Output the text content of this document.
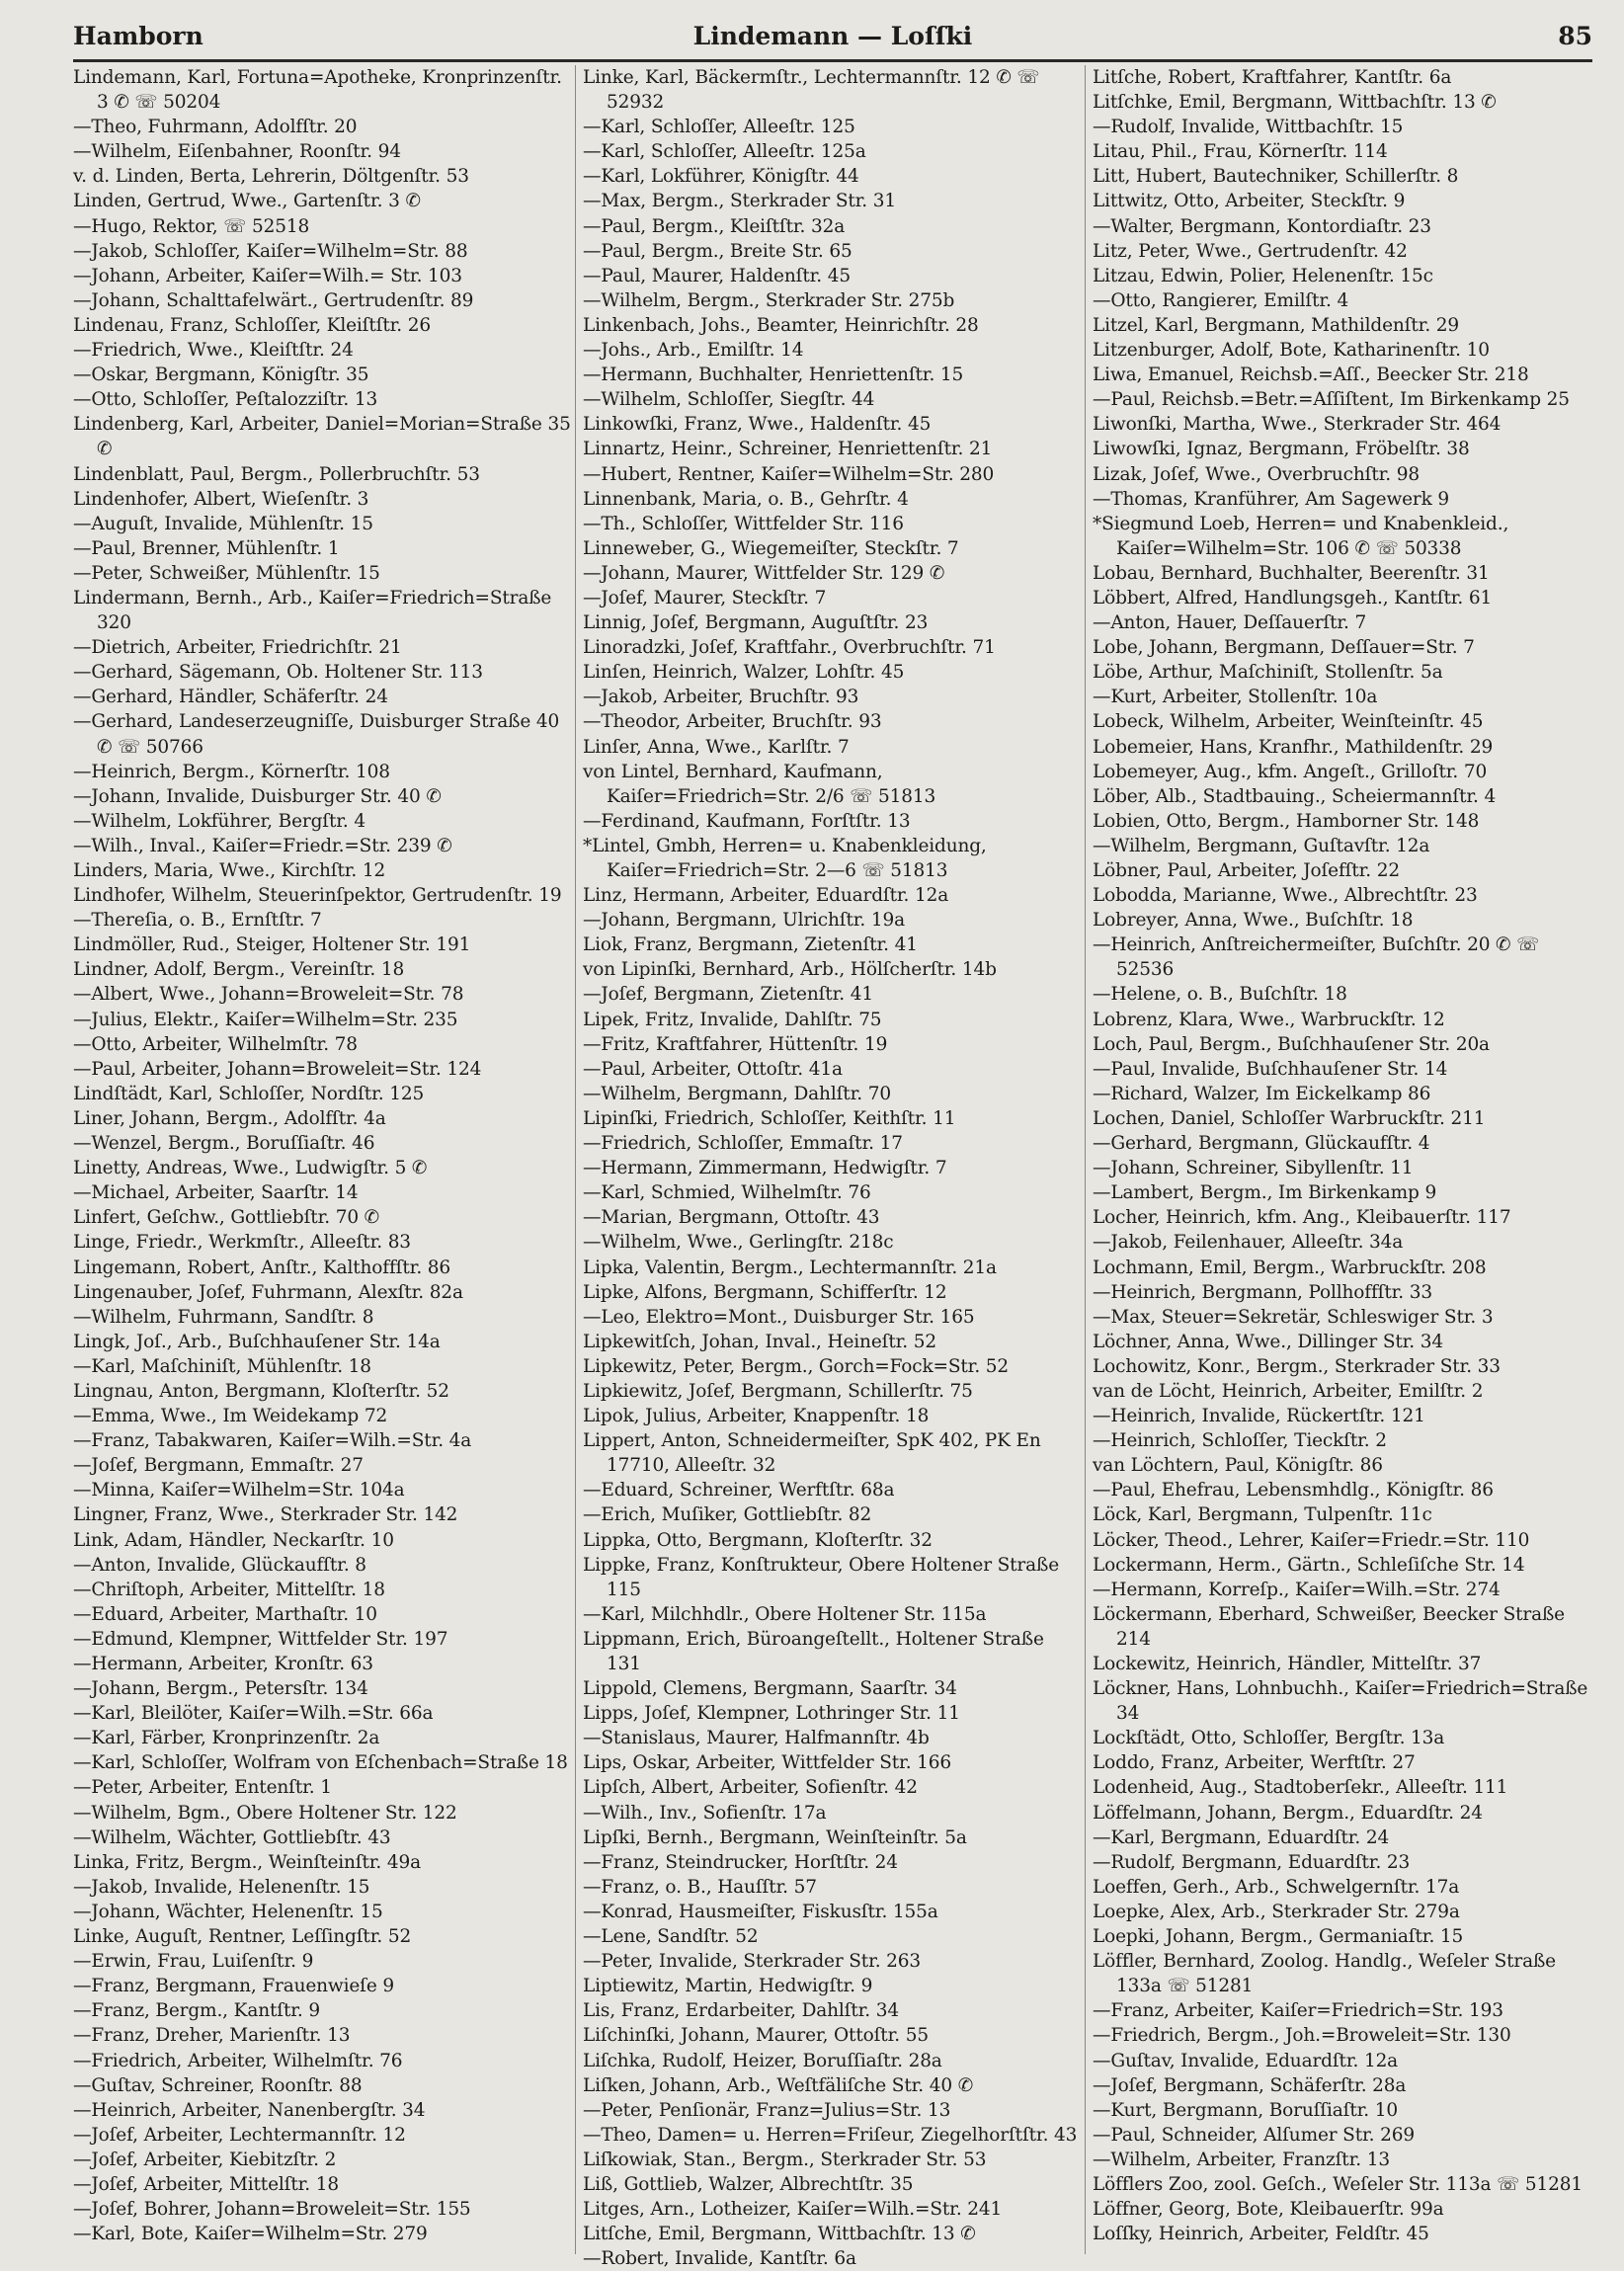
Hamborn	Lindemann — Loſſki	85

Lindemann, Karl, Fortuna=Apotheke, Kronprinzenſtr. 3 ✆ ☏ 50204

—Theo, Fuhrmann, Adolfſtr. 20

—Wilhelm, Eiſenbahner, Roonſtr. 94

v. d. Linden, Berta, Lehrerin, Döltgenſtr. 53

Linden, Gertrud, Wwe., Gartenſtr. 3 ✆

—Hugo, Rektor, ☏ 52518

—Jakob, Schloſſer, Kaiſer=Wilhelm=Str. 88

—Johann, Arbeiter, Kaiſer=Wilh.= Str. 103

—Johann, Schalttafelwärt., Gertrudenſtr. 89

Lindenau, Franz, Schloſſer, Kleiſtſtr. 26

—Friedrich, Wwe., Kleiſtſtr. 24

—Oskar, Bergmann, Königſtr. 35

—Otto, Schloſſer, Peſtalozziſtr. 13

Lindenberg, Karl, Arbeiter, Daniel=Morian=Straße 35 ✆

Lindenblatt, Paul, Bergm., Pollerbruchſtr. 53

Lindenhofer, Albert, Wieſenſtr. 3

—Auguſt, Invalide, Mühlenſtr. 15

—Paul, Brenner, Mühlenſtr. 1

—Peter, Schweißer, Mühlenſtr. 15

Lindermann, Bernh., Arb., Kaiſer=Friedrich=Straße 320

—Dietrich, Arbeiter, Friedrichſtr. 21

—Gerhard, Sägemann, Ob. Holtener Str. 113

—Gerhard, Händler, Schäferſtr. 24

—Gerhard, Landeserzeugniſſe, Duisburger Straße 40 ✆ ☏ 50766

—Heinrich, Bergm., Körnerſtr. 108

—Johann, Invalide, Duisburger Str. 40 ✆

—Wilhelm, Lokführer, Bergſtr. 4

—Wilh., Inval., Kaiſer=Friedr.=Str. 239 ✆

Linders, Maria, Wwe., Kirchſtr. 12

Lindhofer, Wilhelm, Steuerinſpektor, Gertrudenſtr. 19

—Thereſia, o. B., Ernſtſtr. 7

Lindmöller, Rud., Steiger, Holtener Str. 191

Lindner, Adolf, Bergm., Vereinſtr. 18

—Albert, Wwe., Johann=Broweleit=Str. 78

—Julius, Elektr., Kaiſer=Wilhelm=Str. 235

—Otto, Arbeiter, Wilhelmſtr. 78

—Paul, Arbeiter, Johann=Broweleit=Str. 124

Lindſtädt, Karl, Schloſſer, Nordſtr. 125

Liner, Johann, Bergm., Adolfſtr. 4a

—Wenzel, Bergm., Boruſſiaſtr. 46

Linetty, Andreas, Wwe., Ludwigſtr. 5 ✆

—Michael, Arbeiter, Saarſtr. 14

Linfert, Geſchw., Gottliebſtr. 70 ✆

Linge, Friedr., Werkmſtr., Alleeſtr. 83

Lingemann, Robert, Anſtr., Kalthoffſtr. 86

Lingenauber, Joſef, Fuhrmann, Alexſtr. 82a

—Wilhelm, Fuhrmann, Sandſtr. 8

Lingk, Joſ., Arb., Buſchhauſener Str. 14a

—Karl, Maſchiniſt, Mühlenſtr. 18

Lingnau, Anton, Bergmann, Kloſterſtr. 52

—Emma, Wwe., Im Weidekamp 72

—Franz, Tabakwaren, Kaiſer=Wilh.=Str. 4a

—Joſef, Bergmann, Emmaſtr. 27

—Minna, Kaiſer=Wilhelm=Str. 104a

Lingner, Franz, Wwe., Sterkrader Str. 142

Link, Adam, Händler, Neckarſtr. 10

—Anton, Invalide, Glückaufſtr. 8

—Chriſtoph, Arbeiter, Mittelſtr. 18

—Eduard, Arbeiter, Marthaſtr. 10

—Edmund, Klempner, Wittfelder Str. 197

—Hermann, Arbeiter, Kronſtr. 63

—Johann, Bergm., Petersſtr. 134

—Karl, Bleilöter, Kaiſer=Wilh.=Str. 66a

—Karl, Färber, Kronprinzenſtr. 2a

—Karl, Schloſſer, Wolfram von Eſchenbach=Straße 18

—Peter, Arbeiter, Entenſtr. 1

—Wilhelm, Bgm., Obere Holtener Str. 122

—Wilhelm, Wächter, Gottliebſtr. 43

Linka, Fritz, Bergm., Weinſteinſtr. 49a

—Jakob, Invalide, Helenenſtr. 15

—Johann, Wächter, Helenenſtr. 15

Linke, Auguſt, Rentner, Leſſingſtr. 52

—Erwin, Frau, Luiſenſtr. 9

—Franz, Bergmann, Frauenwieſe 9

—Franz, Bergm., Kantſtr. 9

—Franz, Dreher, Marienſtr. 13

—Friedrich, Arbeiter, Wilhelmſtr. 76

—Guſtav, Schreiner, Roonſtr. 88

—Heinrich, Arbeiter, Nanenbergſtr. 34

—Joſef, Arbeiter, Lechtermannſtr. 12

—Joſef, Arbeiter, Kiebitzſtr. 2

—Joſef, Arbeiter, Mittelſtr. 18

—Joſef, Bohrer, Johann=Broweleit=Str. 155

—Karl, Bote, Kaiſer=Wilhelm=Str. 279

Linke, Karl, Bäckermſtr., Lechtermannſtr. 12 ✆ ☏ 52932

—Karl, Schloſſer, Alleeſtr. 125

—Karl, Schloſſer, Alleeſtr. 125a

—Karl, Lokführer, Königſtr. 44

—Max, Bergm., Sterkrader Str. 31

—Paul, Bergm., Kleiſtſtr. 32a

—Paul, Bergm., Breite Str. 65

—Paul, Maurer, Haldenſtr. 45

—Wilhelm, Bergm., Sterkrader Str. 275b

Linkenbach, Johs., Beamter, Heinrichſtr. 28

—Johs., Arb., Emilſtr. 14

—Hermann, Buchhalter, Henriettenſtr. 15

—Wilhelm, Schloſſer, Siegſtr. 44

Linkowſki, Franz, Wwe., Haldenſtr. 45

Linnartz, Heinr., Schreiner, Henriettenſtr. 21

—Hubert, Rentner, Kaiſer=Wilhelm=Str. 280

Linnenbank, Maria, o. B., Gehrſtr. 4

—Th., Schloſſer, Wittfelder Str. 116

Linneweber, G., Wiegemeiſter, Steckſtr. 7

—Johann, Maurer, Wittfelder Str. 129 ✆

—Joſef, Maurer, Steckſtr. 7

Linnig, Joſef, Bergmann, Auguſtſtr. 23

Linoradzki, Joſef, Kraftfahr., Overbruchſtr. 71

Linſen, Heinrich, Walzer, Lohſtr. 45

—Jakob, Arbeiter, Bruchſtr. 93

—Theodor, Arbeiter, Bruchſtr. 93

Linſer, Anna, Wwe., Karlſtr. 7

von Lintel, Bernhard, Kaufmann, Kaiſer=Friedrich=Str. 2/6 ☏ 51813

—Ferdinand, Kaufmann, Forſtſtr. 13

*Lintel, Gmbh, Herren= u. Knabenkleidung, Kaiſer=Friedrich=Str. 2—6 ☏ 51813

Linz, Hermann, Arbeiter, Eduardſtr. 12a

—Johann, Bergmann, Ulrichſtr. 19a

Liok, Franz, Bergmann, Zietenſtr. 41

von Lipinſki, Bernhard, Arb., Hölſcherſtr. 14b

—Joſef, Bergmann, Zietenſtr. 41

Lipek, Fritz, Invalide, Dahlſtr. 75

—Fritz, Kraftfahrer, Hüttenſtr. 19

—Paul, Arbeiter, Ottoſtr. 41a

—Wilhelm, Bergmann, Dahlſtr. 70

Lipinſki, Friedrich, Schloſſer, Keithſtr. 11

—Friedrich, Schloſſer, Emmaſtr. 17

—Hermann, Zimmermann, Hedwigſtr. 7

—Karl, Schmied, Wilhelmſtr. 76

—Marian, Bergmann, Ottoſtr. 43

—Wilhelm, Wwe., Gerlingſtr. 218c

Lipka, Valentin, Bergm., Lechtermannſtr. 21a

Lipke, Alfons, Bergmann, Schifferſtr. 12

—Leo, Elektro=Mont., Duisburger Str. 165

Lipkewitſch, Johan, Inval., Heineſtr. 52

Lipkewitz, Peter, Bergm., Gorch=Fock=Str. 52

Lipkiewitz, Joſef, Bergmann, Schillerſtr. 75

Lipok, Julius, Arbeiter, Knappenſtr. 18

Lippert, Anton, Schneidermeiſter, SpK 402, PK En 17710, Alleeſtr. 32

—Eduard, Schreiner, Werftſtr. 68a

—Erich, Muſiker, Gottliebſtr. 82

Lippka, Otto, Bergmann, Kloſterſtr. 32

Lippke, Franz, Konſtrukteur, Obere Holtener Straße 115

—Karl, Milchhdlr., Obere Holtener Str. 115a

Lippmann, Erich, Büroangeſtellt., Holtener Straße 131

Lippold, Clemens, Bergmann, Saarſtr. 34

Lipps, Joſef, Klempner, Lothringer Str. 11

—Stanislaus, Maurer, Halfmannſtr. 4b

Lips, Oskar, Arbeiter, Wittfelder Str. 166

Lipſch, Albert, Arbeiter, Sofienſtr. 42

—Wilh., Inv., Sofienſtr. 17a

Lipſki, Bernh., Bergmann, Weinſteinſtr. 5a

—Franz, Steindrucker, Horſtſtr. 24

—Franz, o. B., Hauſſtr. 57

—Konrad, Hausmeiſter, Fiskusſtr. 155a

—Lene, Sandſtr. 52

—Peter, Invalide, Sterkrader Str. 263

Liptiewitz, Martin, Hedwigſtr. 9

Lis, Franz, Erdarbeiter, Dahlſtr. 34

Liſchinſki, Johann, Maurer, Ottoſtr. 55

Liſchka, Rudolf, Heizer, Boruſſiaſtr. 28a

Liſken, Johann, Arb., Weſtfäliſche Str. 40 ✆

—Peter, Penſionär, Franz=Julius=Str. 13

—Theo, Damen= u. Herren=Friſeur, Ziegelhorſtſtr. 43

Liſkowiak, Stan., Bergm., Sterkrader Str. 53

Liß, Gottlieb, Walzer, Albrechtſtr. 35

Litges, Arn., Lotheizer, Kaiſer=Wilh.=Str. 241

Litſche, Emil, Bergmann, Wittbachſtr. 13 ✆

—Robert, Invalide, Kantſtr. 6a

Litſche, Robert, Kraftfahrer, Kantſtr. 6a

Litſchke, Emil, Bergmann, Wittbachſtr. 13 ✆

—Rudolf, Invalide, Wittbachſtr. 15

Litau, Phil., Frau, Körnerſtr. 114

Litt, Hubert, Bautechniker, Schillerſtr. 8

Littwitz, Otto, Arbeiter, Steckſtr. 9

—Walter, Bergmann, Kontordiaſtr. 23

Litz, Peter, Wwe., Gertrudenſtr. 42

Litzau, Edwin, Polier, Helenenſtr. 15c

—Otto, Rangierer, Emilſtr. 4

Litzel, Karl, Bergmann, Mathildenſtr. 29

Litzenburger, Adolf, Bote, Katharinenſtr. 10

Liwa, Emanuel, Reichsb.=Aſſ., Beecker Str. 218

—Paul, Reichsb.=Betr.=Aſſiſtent, Im Birkenkamp 25

Liwonſki, Martha, Wwe., Sterkrader Str. 464

Liwowſki, Ignaz, Bergmann, Fröbelſtr. 38

Lizak, Joſef, Wwe., Overbruchſtr. 98

—Thomas, Kranführer, Am Sagewerk 9

*Siegmund Loeb, Herren= und Knabenkleid., Kaiſer=Wilhelm=Str. 106 ✆ ☏ 50338

Lobau, Bernhard, Buchhalter, Beerenſtr. 31

Löbbert, Alfred, Handlungsgeh., Kantſtr. 61

—Anton, Hauer, Deſſauerſtr. 7

Lobe, Johann, Bergmann, Deſſauer=Str. 7

Löbe, Arthur, Maſchiniſt, Stollenſtr. 5a

—Kurt, Arbeiter, Stollenſtr. 10a

Lobeck, Wilhelm, Arbeiter, Weinſteinſtr. 45

Lobemeier, Hans, Kranfhr., Mathildenſtr. 29

Lobemeyer, Aug., kfm. Angeſt., Grilloſtr. 70

Löber, Alb., Stadtbauing., Scheiermannſtr. 4

Lobien, Otto, Bergm., Hamborner Str. 148

—Wilhelm, Bergmann, Guſtavſtr. 12a

Löbner, Paul, Arbeiter, Joſefſtr. 22

Lobodda, Marianne, Wwe., Albrechtſtr. 23

Lobreyer, Anna, Wwe., Buſchſtr. 18

—Heinrich, Anſtreichermeiſter, Buſchſtr. 20 ✆ ☏ 52536

—Helene, o. B., Buſchſtr. 18

Lobrenz, Klara, Wwe., Warbruckſtr. 12

Loch, Paul, Bergm., Buſchhauſener Str. 20a

—Paul, Invalide, Buſchhauſener Str. 14

—Richard, Walzer, Im Eickelkamp 86

Lochen, Daniel, Schloſſer Warbruckſtr. 211

—Gerhard, Bergmann, Glückaufſtr. 4

—Johann, Schreiner, Sibyllenſtr. 11

—Lambert, Bergm., Im Birkenkamp 9

Locher, Heinrich, kfm. Ang., Kleibauerſtr. 117

—Jakob, Feilenhauer, Alleeſtr. 34a

Lochmann, Emil, Bergm., Warbruckſtr. 208

—Heinrich, Bergmann, Pollhoffſtr. 33

—Max, Steuer=Sekretär, Schleswiger Str. 3

Löchner, Anna, Wwe., Dillinger Str. 34

Lochowitz, Konr., Bergm., Sterkrader Str. 33

van de Löcht, Heinrich, Arbeiter, Emilſtr. 2

—Heinrich, Invalide, Rückertſtr. 121

—Heinrich, Schloſſer, Tieckſtr. 2

van Löchtern, Paul, Königſtr. 86

—Paul, Ehefrau, Lebensmhdlg., Königſtr. 86

Löck, Karl, Bergmann, Tulpenſtr. 11c

Löcker, Theod., Lehrer, Kaiſer=Friedr.=Str. 110

Lockermann, Herm., Gärtn., Schleſiſche Str. 14

—Hermann, Korreſp., Kaiſer=Wilh.=Str. 274

Löckermann, Eberhard, Schweißer, Beecker Straße 214

Lockewitz, Heinrich, Händler, Mittelſtr. 37

Löckner, Hans, Lohnbuchh., Kaiſer=Friedrich=Straße 34

Lockſtädt, Otto, Schloſſer, Bergſtr. 13a

Loddo, Franz, Arbeiter, Werftſtr. 27

Lodenheid, Aug., Stadtoberſekr., Alleeſtr. 111

Löffelmann, Johann, Bergm., Eduardſtr. 24

—Karl, Bergmann, Eduardſtr. 24

—Rudolf, Bergmann, Eduardſtr. 23

Loeffen, Gerh., Arb., Schwelgernſtr. 17a

Loepke, Alex, Arb., Sterkrader Str. 279a

Loepki, Johann, Bergm., Germaniaſtr. 15

Löffler, Bernhard, Zoolog. Handlg., Weſeler Straße 133a ☏ 51281

—Franz, Arbeiter, Kaiſer=Friedrich=Str. 193

—Friedrich, Bergm., Joh.=Broweleit=Str. 130

—Guſtav, Invalide, Eduardſtr. 12a

—Joſef, Bergmann, Schäferſtr. 28a

—Kurt, Bergmann, Boruſſiaſtr. 10

—Paul, Schneider, Alſumer Str. 269

—Wilhelm, Arbeiter, Franzſtr. 13

Löfflers Zoo, zool. Geſch., Weſeler Str. 113a ☏ 51281

Löffner, Georg, Bote, Kleibauerſtr. 99a

Loſſky, Heinrich, Arbeiter, Feldſtr. 45
